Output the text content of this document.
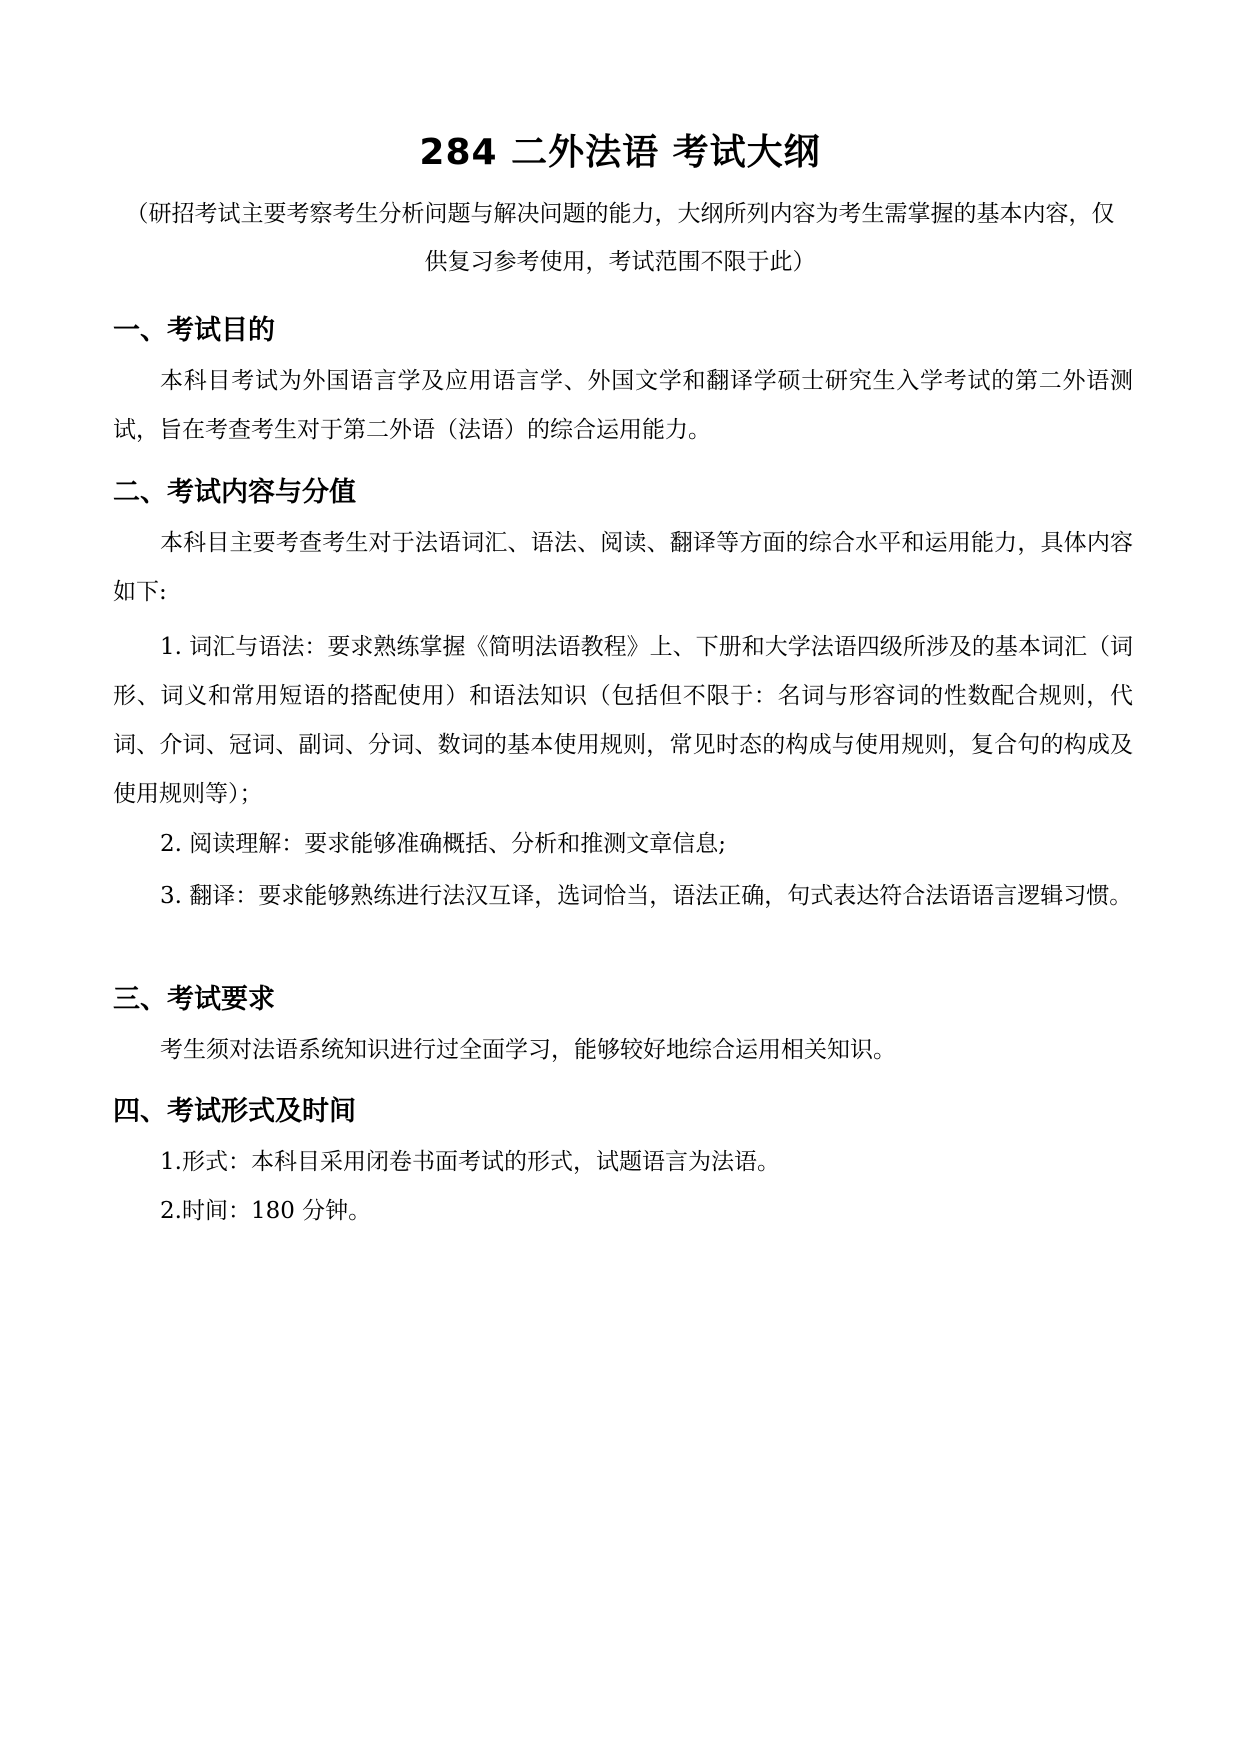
284 二外法语 考试大纲
（研招考试主要考察考生分析问题与解决问题的能力，大纲所列内容为考生需掌握的基本内容，仅供复习参考使用，考试范围不限于此）
一、考试目的
本科目考试为外国语言学及应用语言学、外国文学和翻译学硕士研究生入学考试的第二外语测试，旨在考查考生对于第二外语（法语）的综合运用能力。
二、考试内容与分值
本科目主要考查考生对于法语词汇、语法、阅读、翻译等方面的综合水平和运用能力，具体内容如下:
1. 词汇与语法：要求熟练掌握《简明法语教程》上、下册和大学法语四级所涉及的基本词汇（词形、词义和常用短语的搭配使用）和语法知识（包括但不限于：名词与形容词的性数配合规则，代词、介词、冠词、副词、分词、数词的基本使用规则，常见时态的构成与使用规则，复合句的构成及使用规则等）；
2. 阅读理解：要求能够准确概括、分析和推测文章信息;
3. 翻译：要求能够熟练进行法汉互译，选词恰当，语法正确，句式表达符合法语语言逻辑习惯。
三、考试要求
考生须对法语系统知识进行过全面学习，能够较好地综合运用相关知识。
四、考试形式及时间
1.形式：本科目采用闭卷书面考试的形式，试题语言为法语。
2.时间：180 分钟。
